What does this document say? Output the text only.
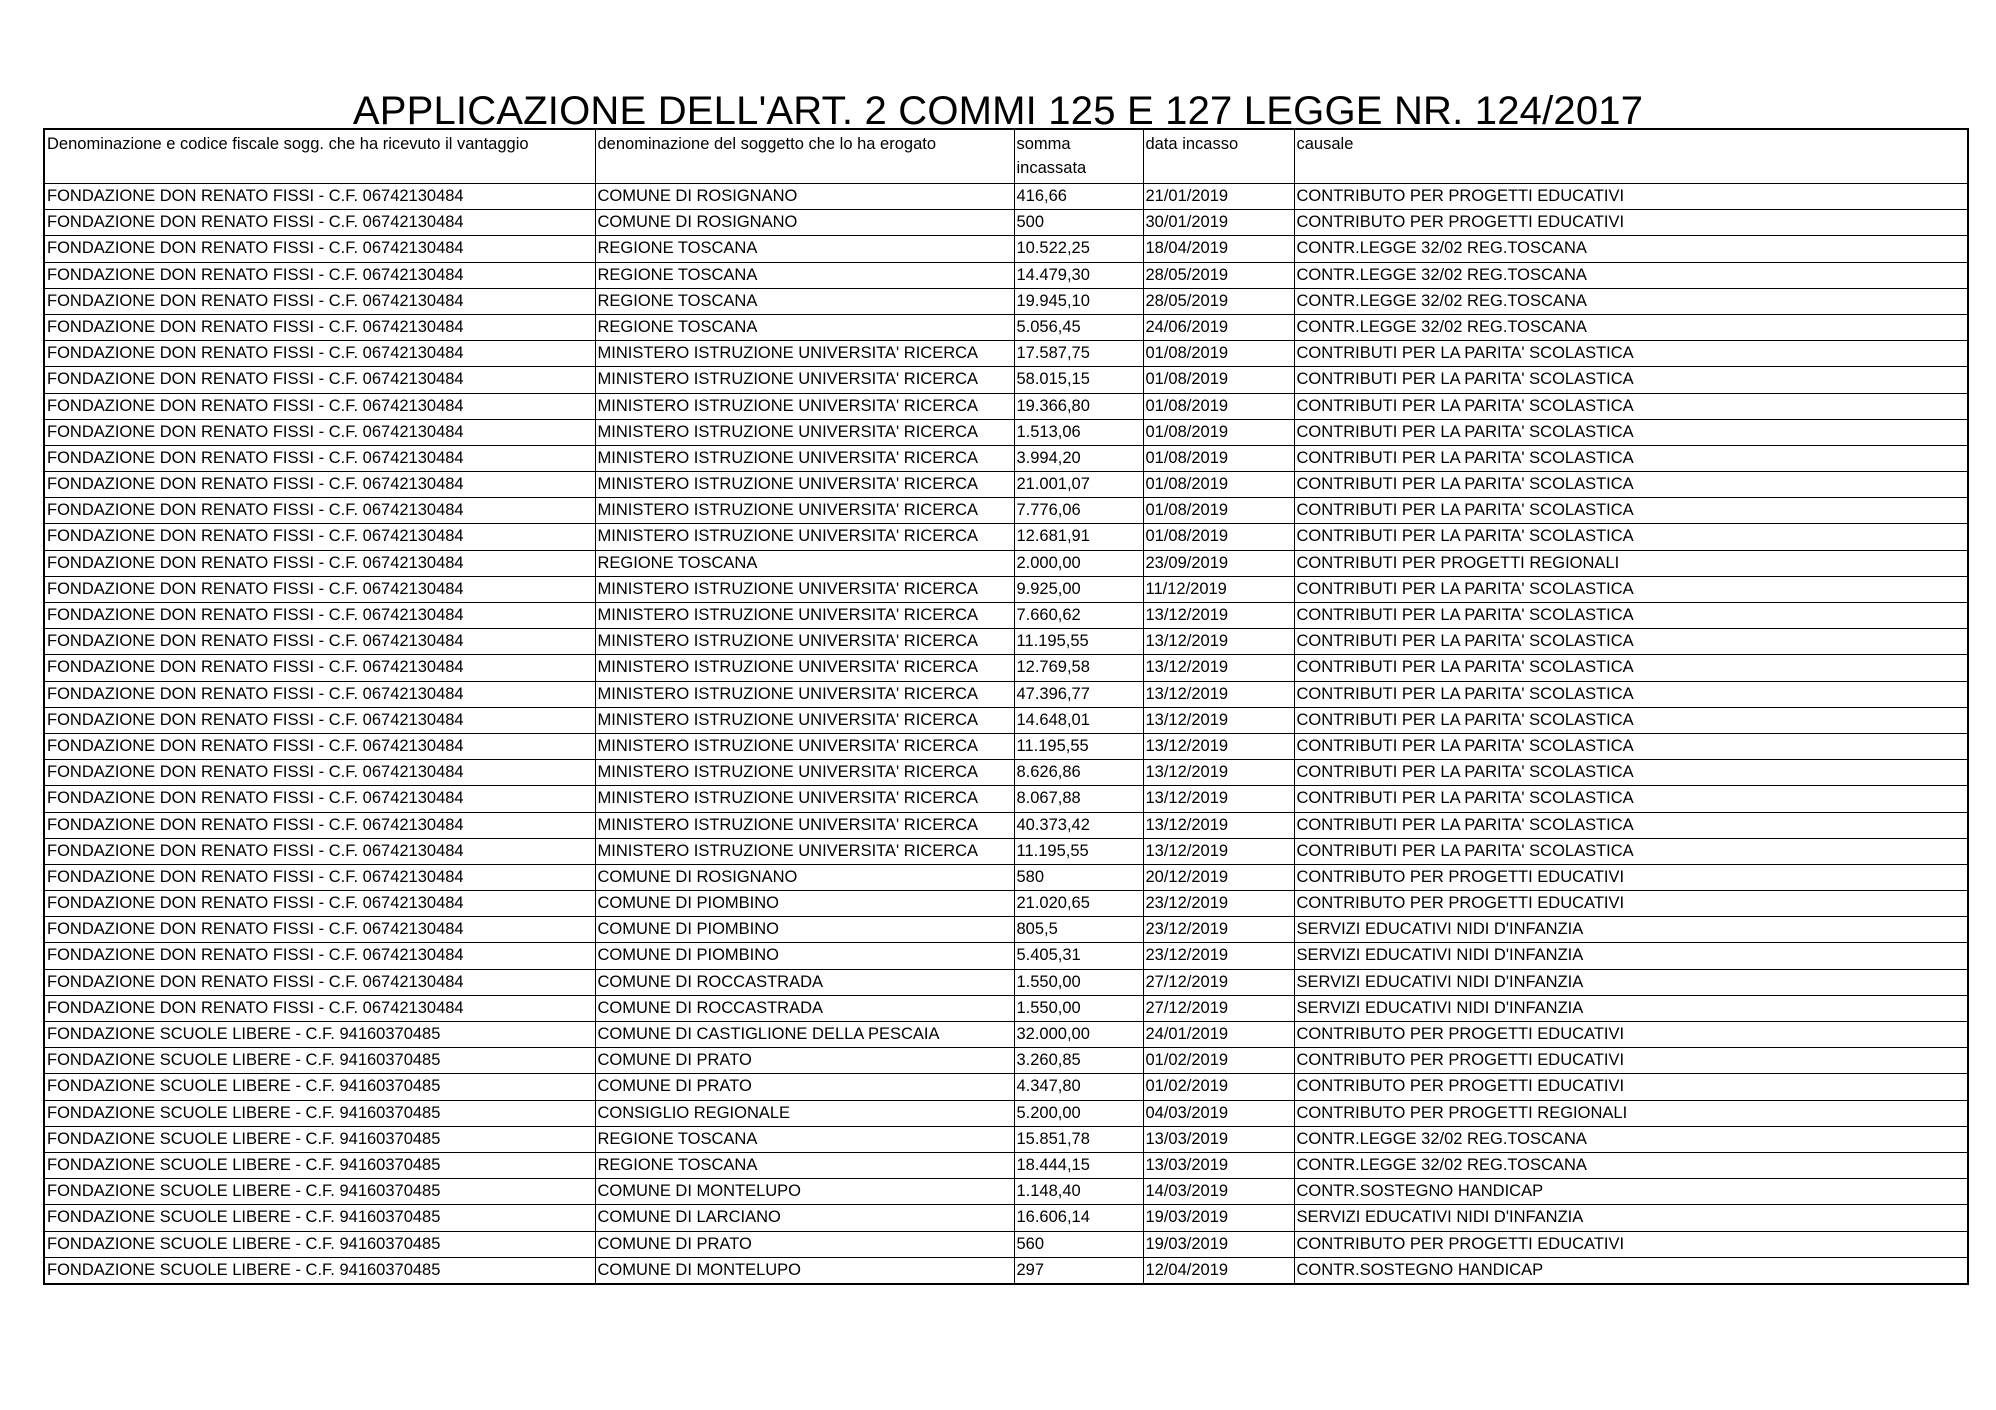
APPLICAZIONE DELL'ART. 2 COMMI 125 E 127 LEGGE NR. 124/2017
Denominazione e codice fiscale sogg. che ha ricevuto il vantaggio	denominazione del soggetto che lo ha erogato	somma incassata	data incasso	causale
FONDAZIONE DON RENATO FISSI - C.F. 06742130484	COMUNE DI ROSIGNANO	416,66	21/01/2019	CONTRIBUTO PER PROGETTI EDUCATIVI
FONDAZIONE DON RENATO FISSI - C.F. 06742130484	COMUNE DI ROSIGNANO	500	30/01/2019	CONTRIBUTO PER PROGETTI EDUCATIVI
FONDAZIONE DON RENATO FISSI - C.F. 06742130484	REGIONE TOSCANA	10.522,25	18/04/2019	CONTR.LEGGE 32/02 REG.TOSCANA
FONDAZIONE DON RENATO FISSI - C.F. 06742130484	REGIONE TOSCANA	14.479,30	28/05/2019	CONTR.LEGGE 32/02 REG.TOSCANA
FONDAZIONE DON RENATO FISSI - C.F. 06742130484	REGIONE TOSCANA	19.945,10	28/05/2019	CONTR.LEGGE 32/02 REG.TOSCANA
FONDAZIONE DON RENATO FISSI - C.F. 06742130484	REGIONE TOSCANA	5.056,45	24/06/2019	CONTR.LEGGE 32/02 REG.TOSCANA
FONDAZIONE DON RENATO FISSI - C.F. 06742130484	MINISTERO ISTRUZIONE UNIVERSITA' RICERCA	17.587,75	01/08/2019	CONTRIBUTI PER LA PARITA' SCOLASTICA
FONDAZIONE DON RENATO FISSI - C.F. 06742130484	MINISTERO ISTRUZIONE UNIVERSITA' RICERCA	58.015,15	01/08/2019	CONTRIBUTI PER LA PARITA' SCOLASTICA
FONDAZIONE DON RENATO FISSI - C.F. 06742130484	MINISTERO ISTRUZIONE UNIVERSITA' RICERCA	19.366,80	01/08/2019	CONTRIBUTI PER LA PARITA' SCOLASTICA
FONDAZIONE DON RENATO FISSI - C.F. 06742130484	MINISTERO ISTRUZIONE UNIVERSITA' RICERCA	1.513,06	01/08/2019	CONTRIBUTI PER LA PARITA' SCOLASTICA
FONDAZIONE DON RENATO FISSI - C.F. 06742130484	MINISTERO ISTRUZIONE UNIVERSITA' RICERCA	3.994,20	01/08/2019	CONTRIBUTI PER LA PARITA' SCOLASTICA
FONDAZIONE DON RENATO FISSI - C.F. 06742130484	MINISTERO ISTRUZIONE UNIVERSITA' RICERCA	21.001,07	01/08/2019	CONTRIBUTI PER LA PARITA' SCOLASTICA
FONDAZIONE DON RENATO FISSI - C.F. 06742130484	MINISTERO ISTRUZIONE UNIVERSITA' RICERCA	7.776,06	01/08/2019	CONTRIBUTI PER LA PARITA' SCOLASTICA
FONDAZIONE DON RENATO FISSI - C.F. 06742130484	MINISTERO ISTRUZIONE UNIVERSITA' RICERCA	12.681,91	01/08/2019	CONTRIBUTI PER LA PARITA' SCOLASTICA
FONDAZIONE DON RENATO FISSI - C.F. 06742130484	REGIONE TOSCANA	2.000,00	23/09/2019	CONTRIBUTI PER PROGETTI REGIONALI
FONDAZIONE DON RENATO FISSI - C.F. 06742130484	MINISTERO ISTRUZIONE UNIVERSITA' RICERCA	9.925,00	11/12/2019	CONTRIBUTI PER LA PARITA' SCOLASTICA
FONDAZIONE DON RENATO FISSI - C.F. 06742130484	MINISTERO ISTRUZIONE UNIVERSITA' RICERCA	7.660,62	13/12/2019	CONTRIBUTI PER LA PARITA' SCOLASTICA
FONDAZIONE DON RENATO FISSI - C.F. 06742130484	MINISTERO ISTRUZIONE UNIVERSITA' RICERCA	11.195,55	13/12/2019	CONTRIBUTI PER LA PARITA' SCOLASTICA
FONDAZIONE DON RENATO FISSI - C.F. 06742130484	MINISTERO ISTRUZIONE UNIVERSITA' RICERCA	12.769,58	13/12/2019	CONTRIBUTI PER LA PARITA' SCOLASTICA
FONDAZIONE DON RENATO FISSI - C.F. 06742130484	MINISTERO ISTRUZIONE UNIVERSITA' RICERCA	47.396,77	13/12/2019	CONTRIBUTI PER LA PARITA' SCOLASTICA
FONDAZIONE DON RENATO FISSI - C.F. 06742130484	MINISTERO ISTRUZIONE UNIVERSITA' RICERCA	14.648,01	13/12/2019	CONTRIBUTI PER LA PARITA' SCOLASTICA
FONDAZIONE DON RENATO FISSI - C.F. 06742130484	MINISTERO ISTRUZIONE UNIVERSITA' RICERCA	11.195,55	13/12/2019	CONTRIBUTI PER LA PARITA' SCOLASTICA
FONDAZIONE DON RENATO FISSI - C.F. 06742130484	MINISTERO ISTRUZIONE UNIVERSITA' RICERCA	8.626,86	13/12/2019	CONTRIBUTI PER LA PARITA' SCOLASTICA
FONDAZIONE DON RENATO FISSI - C.F. 06742130484	MINISTERO ISTRUZIONE UNIVERSITA' RICERCA	8.067,88	13/12/2019	CONTRIBUTI PER LA PARITA' SCOLASTICA
FONDAZIONE DON RENATO FISSI - C.F. 06742130484	MINISTERO ISTRUZIONE UNIVERSITA' RICERCA	40.373,42	13/12/2019	CONTRIBUTI PER LA PARITA' SCOLASTICA
FONDAZIONE DON RENATO FISSI - C.F. 06742130484	MINISTERO ISTRUZIONE UNIVERSITA' RICERCA	11.195,55	13/12/2019	CONTRIBUTI PER LA PARITA' SCOLASTICA
FONDAZIONE DON RENATO FISSI - C.F. 06742130484	COMUNE DI ROSIGNANO	580	20/12/2019	CONTRIBUTO PER PROGETTI EDUCATIVI
FONDAZIONE DON RENATO FISSI - C.F. 06742130484	COMUNE DI PIOMBINO	21.020,65	23/12/2019	CONTRIBUTO PER PROGETTI EDUCATIVI
FONDAZIONE DON RENATO FISSI - C.F. 06742130484	COMUNE DI PIOMBINO	805,5	23/12/2019	SERVIZI EDUCATIVI NIDI D'INFANZIA
FONDAZIONE DON RENATO FISSI - C.F. 06742130484	COMUNE DI PIOMBINO	5.405,31	23/12/2019	SERVIZI EDUCATIVI NIDI D'INFANZIA
FONDAZIONE DON RENATO FISSI - C.F. 06742130484	COMUNE DI ROCCASTRADA	1.550,00	27/12/2019	SERVIZI EDUCATIVI NIDI D'INFANZIA
FONDAZIONE DON RENATO FISSI - C.F. 06742130484	COMUNE DI ROCCASTRADA	1.550,00	27/12/2019	SERVIZI EDUCATIVI NIDI D'INFANZIA
FONDAZIONE SCUOLE LIBERE - C.F. 94160370485	COMUNE DI CASTIGLIONE DELLA PESCAIA	32.000,00	24/01/2019	CONTRIBUTO PER PROGETTI EDUCATIVI
FONDAZIONE SCUOLE LIBERE - C.F. 94160370485	COMUNE DI PRATO	3.260,85	01/02/2019	CONTRIBUTO PER PROGETTI EDUCATIVI
FONDAZIONE SCUOLE LIBERE - C.F. 94160370485	COMUNE DI PRATO	4.347,80	01/02/2019	CONTRIBUTO PER PROGETTI EDUCATIVI
FONDAZIONE SCUOLE LIBERE - C.F. 94160370485	CONSIGLIO REGIONALE	5.200,00	04/03/2019	CONTRIBUTO PER PROGETTI REGIONALI
FONDAZIONE SCUOLE LIBERE - C.F. 94160370485	REGIONE TOSCANA	15.851,78	13/03/2019	CONTR.LEGGE 32/02 REG.TOSCANA
FONDAZIONE SCUOLE LIBERE - C.F. 94160370485	REGIONE TOSCANA	18.444,15	13/03/2019	CONTR.LEGGE 32/02 REG.TOSCANA
FONDAZIONE SCUOLE LIBERE - C.F. 94160370485	COMUNE DI MONTELUPO	1.148,40	14/03/2019	CONTR.SOSTEGNO HANDICAP
FONDAZIONE SCUOLE LIBERE - C.F. 94160370485	COMUNE DI LARCIANO	16.606,14	19/03/2019	SERVIZI EDUCATIVI NIDI D'INFANZIA
FONDAZIONE SCUOLE LIBERE - C.F. 94160370485	COMUNE DI PRATO	560	19/03/2019	CONTRIBUTO PER PROGETTI EDUCATIVI
FONDAZIONE SCUOLE LIBERE - C.F. 94160370485	COMUNE DI MONTELUPO	297	12/04/2019	CONTR.SOSTEGNO HANDICAP
